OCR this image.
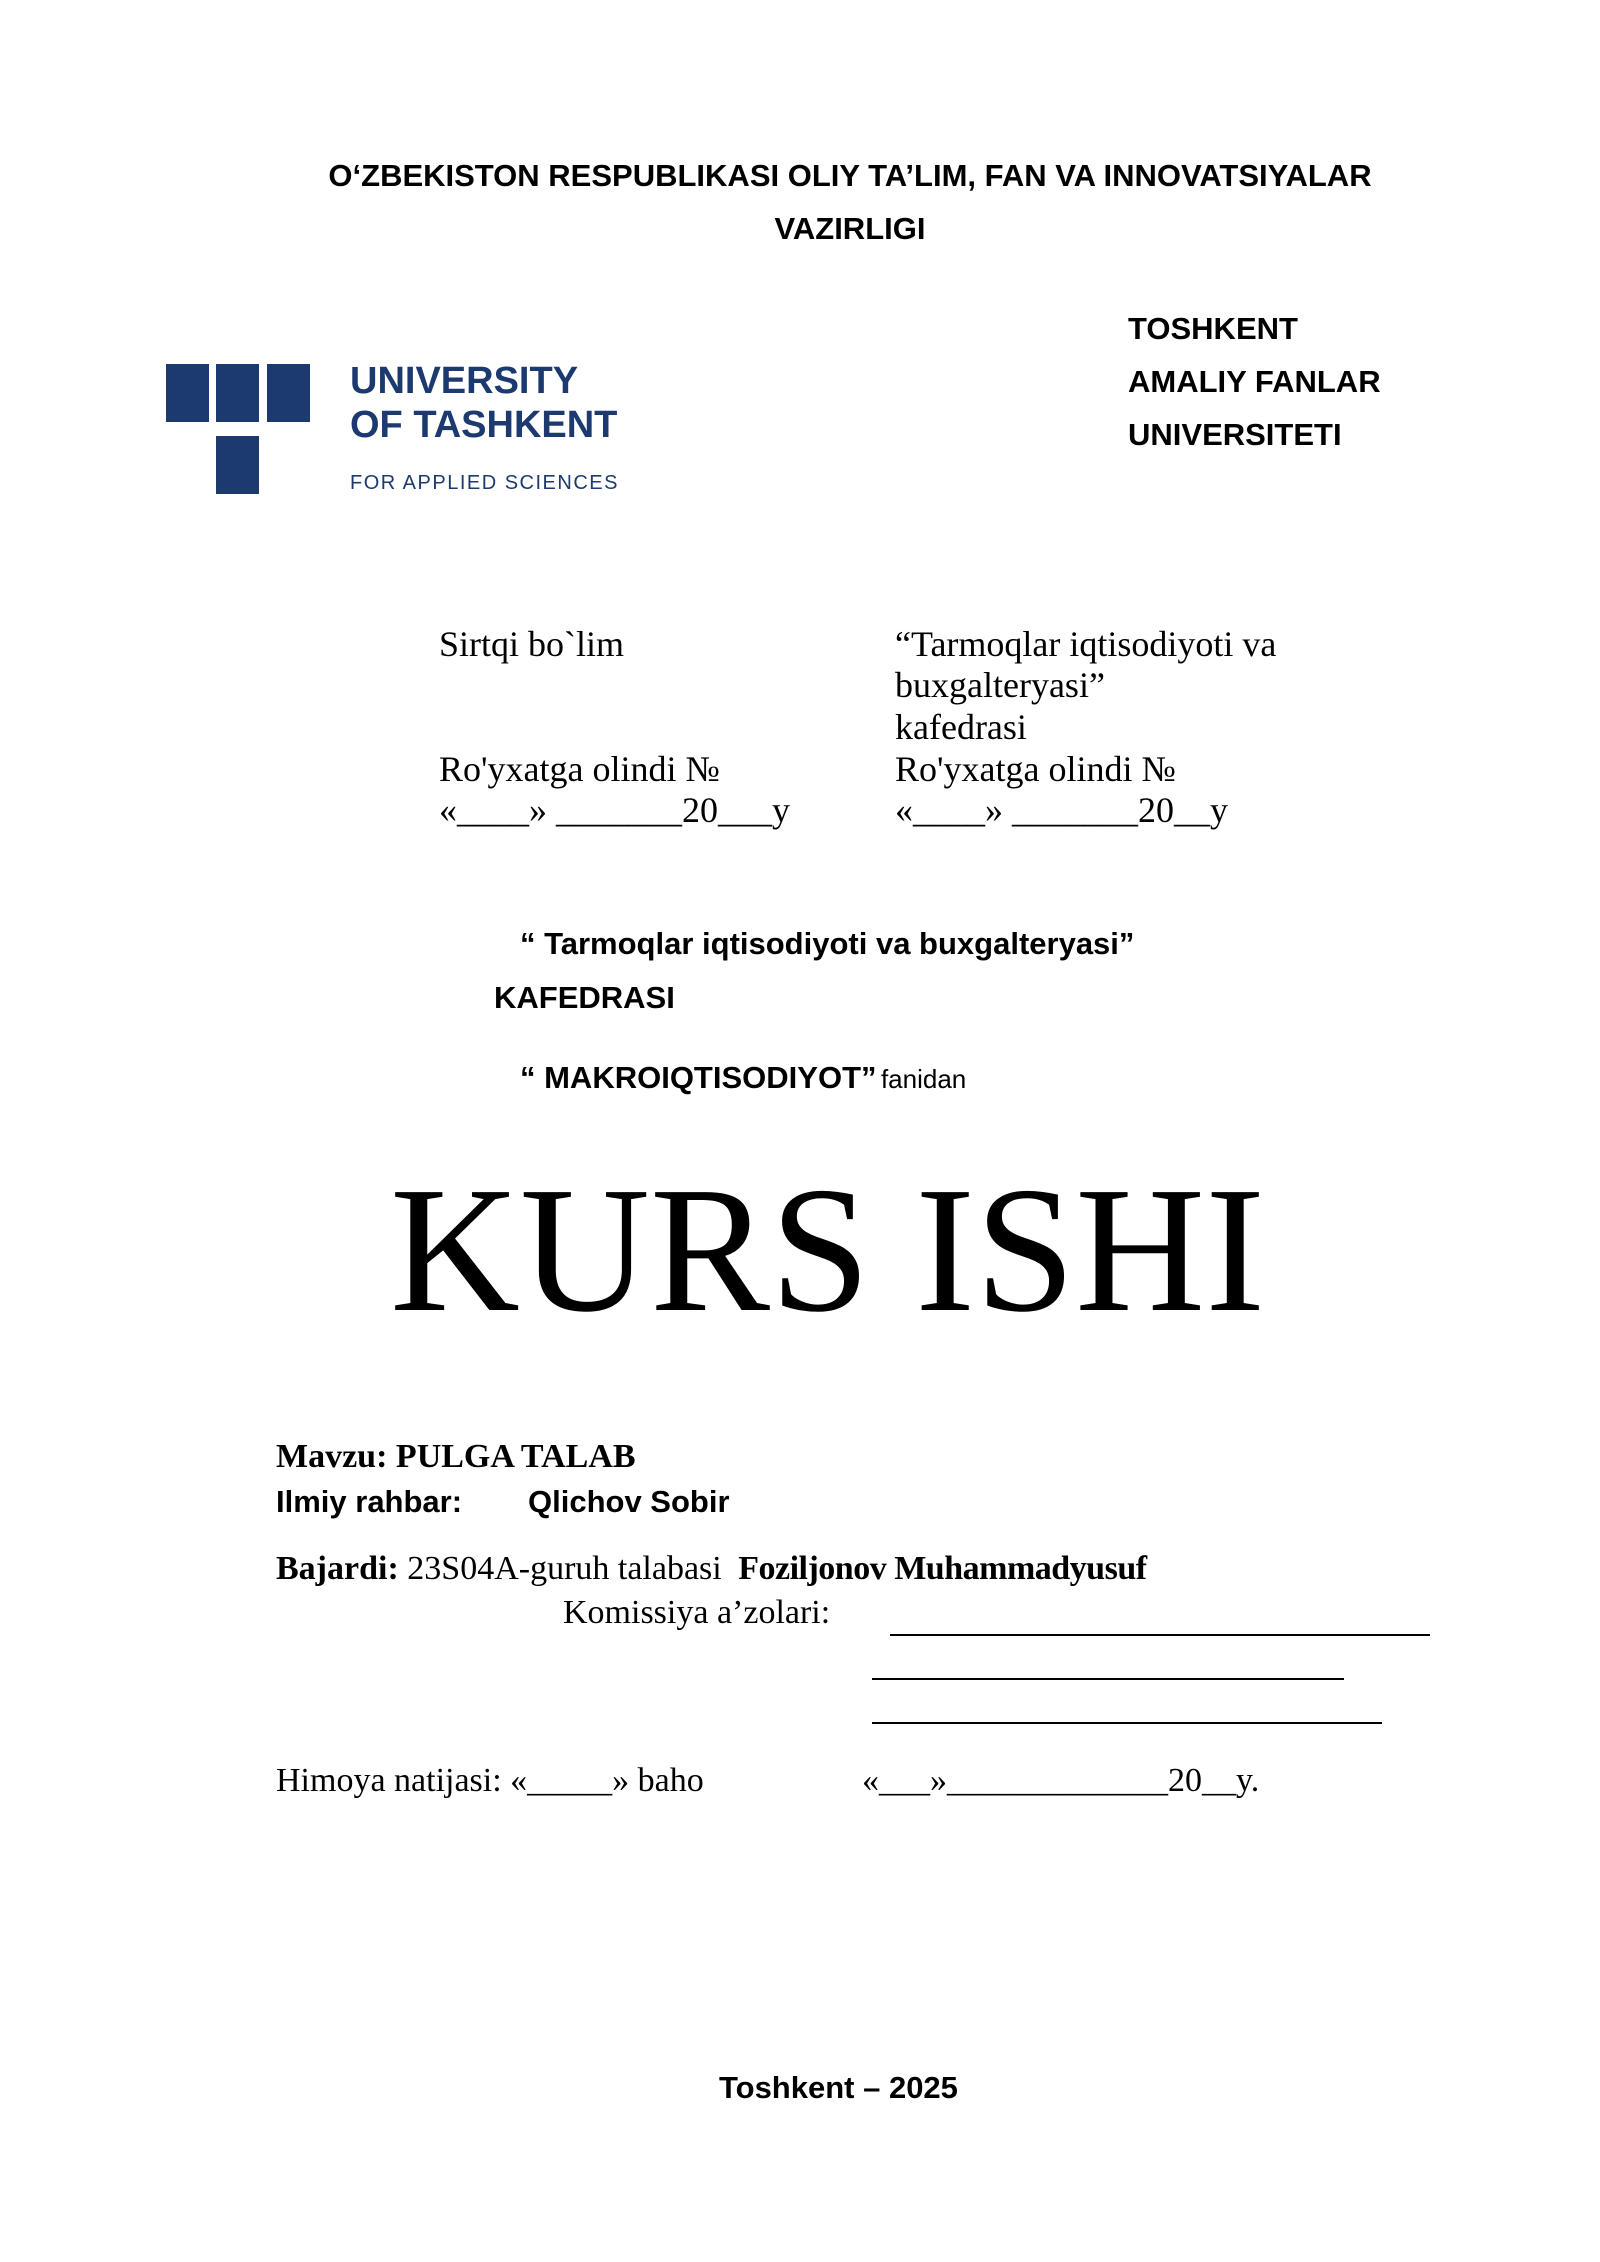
O‘ZBEKISTON RESPUBLIKASI OLIY TA’LIM, FAN VA INNOVATSIYALAR
VAZIRLIGI
UNIVERSITY
OF TASHKENT
FOR APPLIED SCIENCES
TOSHKENT
AMALIY FANLAR
UNIVERSITETI
Sirtqi bo`lim
Ro'yxatga olindi №
«____» _______20___y
“Tarmoqlar iqtisodiyoti va
buxgalteryasi”
kafedrasi
Ro'yxatga olindi №
«____» _______20__y
“ Tarmoqlar iqtisodiyoti va buxgalteryasi”
KAFEDRASI
“ MAKROIQTISODIYOT” fanidan
KURS ISHI
Mavzu: PULGA TALAB
Ilmiy rahbar: Qlichov Sobir
Bajardi: 23S04A-guruh talabasi Foziljonov Muhammadyusuf
Komissiya a’zolari:
Himoya natijasi: «_____» baho	«___»_____________20__y.
Toshkent – 2025
